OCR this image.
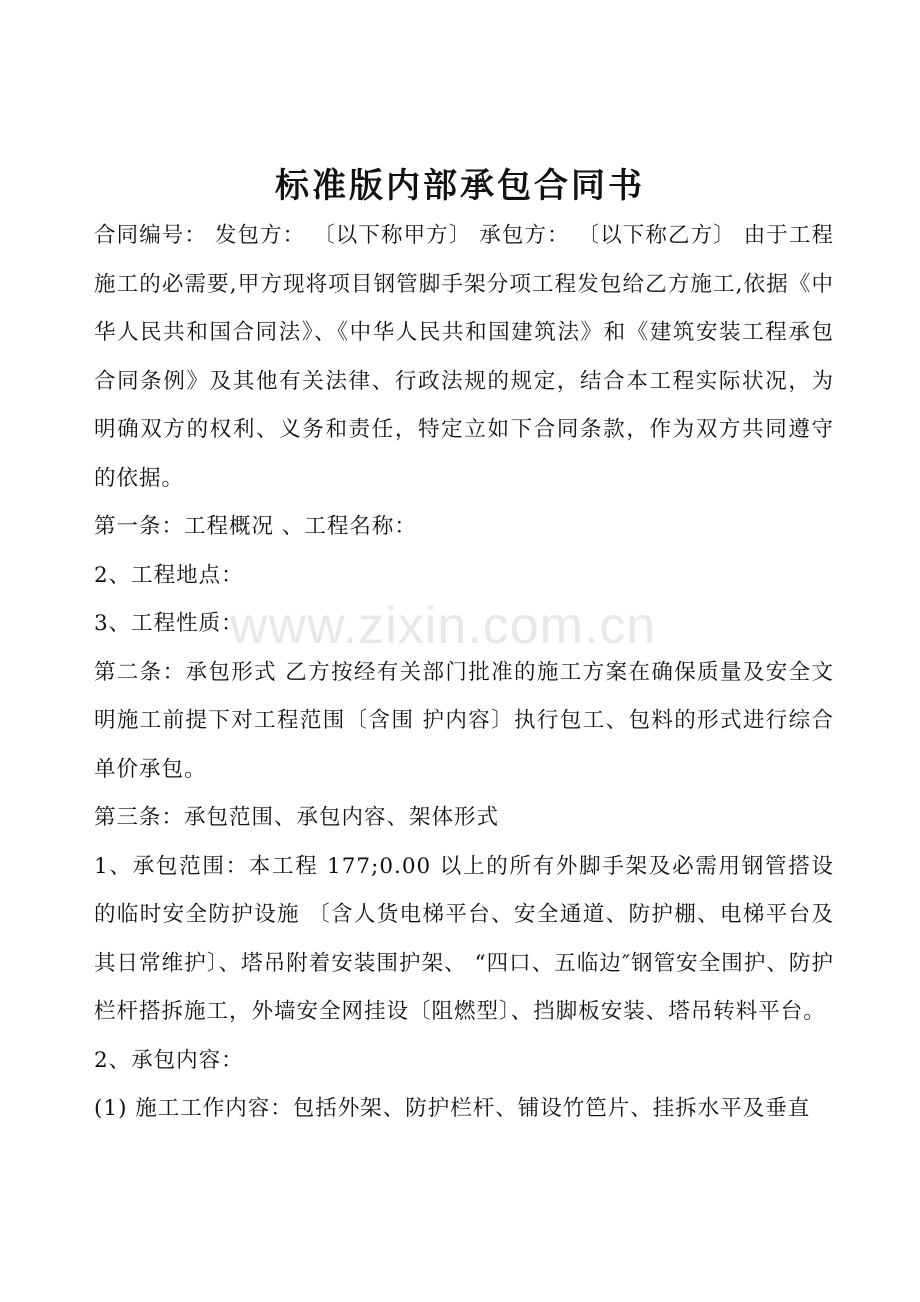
标准版内部承包合同书

合同编号： 发包方： 〔以下称甲方〕 承包方： 〔以下称乙方〕 由于工程施工的必需要,甲方现将项目钢管脚手架分项工程发包给乙方施工,依据《中华人民共和国合同法》、《中华人民共和国建筑法》和《建筑安装工程承包合同条例》及其他有关法律、行政法规的规定，结合本工程实际状况，为明确双方的权利、义务和责任，特定立如下合同条款，作为双方共同遵守的依据。

第一条：工程概况 、工程名称：

2、工程地点：

3、工程性质：

第二条：承包形式 乙方按经有关部门批准的施工方案在确保质量及安全文明施工前提下对工程范围〔含围 护内容〕执行包工、包料的形式进行综合单价承包。

第三条：承包范围、承包内容、架体形式

1、承包范围：本工程 177;0.00 以上的所有外脚手架及必需用钢管搭设的临时安全防护设施 〔含人货电梯平台、安全通道、防护棚、电梯平台及其日常维护〕、塔吊附着安装围护架、 “四口、五临边″钢管安全围护、防护栏杆搭拆施工，外墙安全网挂设〔阻燃型〕、挡脚板安装、塔吊转料平台。

2、承包内容：

(1) 施工工作内容：包括外架、防护栏杆、铺设竹笆片、挂拆水平及垂直

www.zixin.com.cn
